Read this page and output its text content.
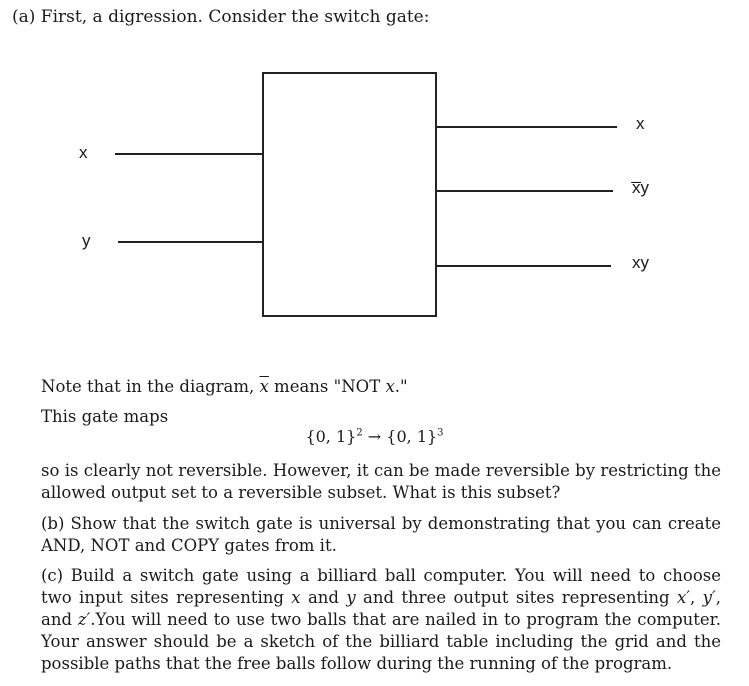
(a) First, a digression. Consider the switch gate:
x
y
x
x̅y
xy
Note that in the diagram, $\overline{x}$ means "NOT x."
This gate maps
{0, 1}$^2$ → {0, 1}$^3$
so is clearly not reversible. However, it can be made reversible by restricting the allowed output set to a reversible subset. What is this subset?
(b) Show that the switch gate is universal by demonstrating that you can create AND, NOT and COPY gates from it.
(c) Build a switch gate using a billiard ball computer. You will need to choose two input sites representing x and y and three output sites representing x′, y′, and z′.You will need to use two balls that are nailed in to program the computer. Your answer should be a sketch of the billiard table including the grid and the possible paths that the free balls follow during the running of the program.
